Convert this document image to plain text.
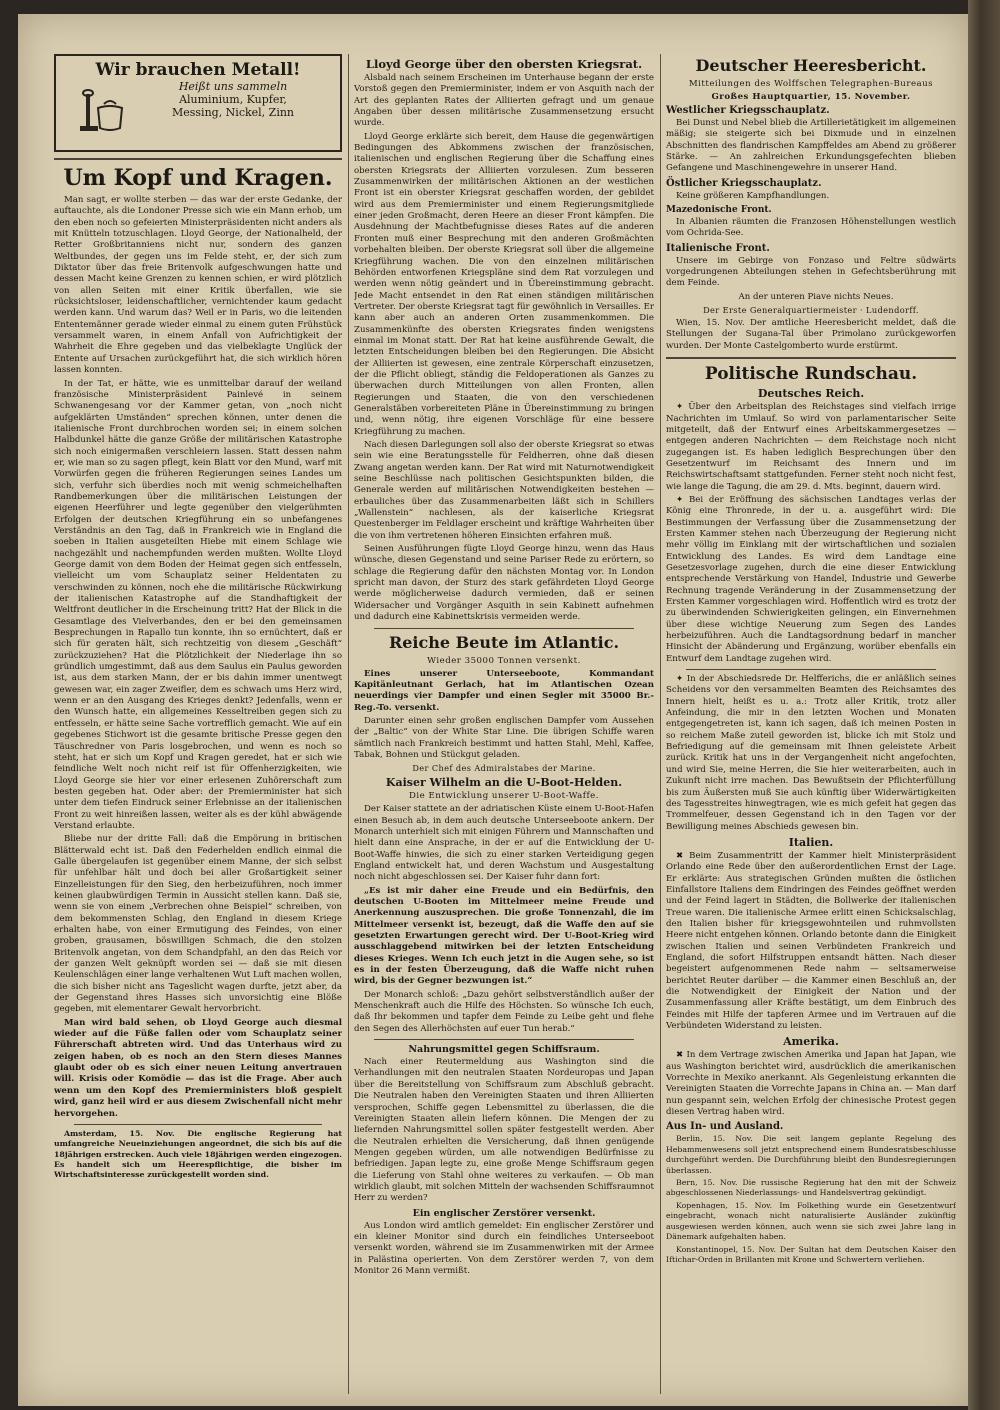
Wir brauchen Metall!
Heißt uns sammeln
Aluminium, Kupfer,
Messing, Nickel, Zinn
Um Kopf und Kragen.

Man sagt, er wollte sterben — das war der erste Gedanke, der auftauchte, als die Londoner Presse sich wie ein Mann erhob, um den eben noch so gefeierten Ministerpräsidenten nicht anders als mit Knütteln totzuschlagen. Lloyd George, der Nationalheld, der Retter Großbritanniens nicht nur, sondern des ganzen Weltbundes, der gegen uns im Felde steht, er, der sich zum Diktator über das freie Britenvolk aufgeschwungen hatte und dessen Macht keine Grenzen zu kennen schien, er wird plötzlich von allen Seiten mit einer Kritik überfallen, wie sie rücksichtsloser, leidenschaftlicher, vernichtender kaum gedacht werden kann. Und warum das? Weil er in Paris, wo die leitenden Ententemänner gerade wieder einmal zu einem guten Frühstück versammelt waren, in einem Anfall von Aufrichtigkeit der Wahrheit die Ehre gegeben und das vielbeklagte Unglück der Entente auf Ursachen zurückgeführt hat, die sich wirklich hören lassen konnten.

In der Tat, er hätte, wie es unmittelbar darauf der weiland französische Ministerpräsident Painlevé in seinem Schwanengesang vor der Kammer getan, von „noch nicht aufgeklärten Umständen“ sprechen können, unter denen die italienische Front durchbrochen worden sei; in einem solchen Halbdunkel hätte die ganze Größe der militärischen Katastrophe sich noch einigermaßen verschleiern lassen. Statt dessen nahm er, wie man so zu sagen pflegt, kein Blatt vor den Mund, warf mit Vorwürfen gegen die früheren Regierungen seines Landes um sich, verfuhr sich überdies noch mit wenig schmeichelhaften Randbemerkungen über die militärischen Leistungen der eigenen Heerführer und legte gegenüber den vielgerühmten Erfolgen der deutschen Kriegführung ein so unbefangenes Verständnis an den Tag, daß in Frankreich wie in England die soeben in Italien ausgeteilten Hiebe mit einem Schlage wie nachgezählt und nachempfunden werden mußten. Wollte Lloyd George damit von dem Boden der Heimat gegen sich entfesseln, vielleicht um vom Schauplatz seiner Heldentaten zu verschwinden zu können, noch ehe die militärische Rückwirkung der italienischen Katastrophe auf die Standhaftigkeit der Weltfront deutlicher in die Erscheinung tritt? Hat der Blick in die Gesamtlage des Vielverbandes, den er bei den gemeinsamen Besprechungen in Rapallo tun konnte, ihn so ernüchtert, daß er sich für geraten hält, sich rechtzeitig von diesem „Geschäft“ zurückzuziehen? Hat die Plötzlichkeit der Niederlage ihn so gründlich umgestimmt, daß aus dem Saulus ein Paulus geworden ist, aus dem starken Mann, der er bis dahin immer unentwegt gewesen war, ein zager Zweifler, dem es schwach ums Herz wird, wenn er an den Ausgang des Krieges denkt? Jedenfalls, wenn er den Wunsch hatte, ein allgemeines Kesseltreiben gegen sich zu entfesseln, er hätte seine Sache vortrefflich gemacht. Wie auf ein gegebenes Stichwort ist die gesamte britische Presse gegen den Täuschredner von Paris losgebrochen, und wenn es noch so steht, hat er sich um Kopf und Kragen geredet, hat er sich wie feindliche Welt noch nicht reif ist für Offenherzigkeiten, wie Lloyd George sie hier vor einer erlesenen Zuhörerschaft zum besten gegeben hat. Oder aber: der Premierminister hat sich unter dem tiefen Eindruck seiner Erlebnisse an der italienischen Front zu weit hinreißen lassen, weiter als es der kühl abwägende Verstand erlaubte.

Bliebe nur der dritte Fall: daß die Empörung in britischen Blätterwald echt ist. Daß den Federhelden endlich einmal die Galle übergelaufen ist gegenüber einem Manne, der sich selbst für unfehlbar hält und doch bei aller Großartigkeit seiner Einzelleistungen für den Sieg, den herbeizuführen, noch immer keinen glaubwürdigen Termin in Aussicht stellen kann. Daß sie, wenn sie von einem „Verbrechen ohne Beispiel“ schreiben, von dem bekommensten Schlag, den England in diesem Kriege erhalten habe, von einer Ermutigung des Feindes, von einer groben, grausamen, böswilligen Schmach, die den stolzen Britenvolk angetan, von dem Schandpfahl, an den das Reich vor der ganzen Welt geknüpft worden sei — daß sie mit diesen Keulenschlägen einer lange verhaltenen Wut Luft machen wollen, die sich bisher nicht ans Tageslicht wagen durfte, jetzt aber, da der Gegenstand ihres Hasses sich unvorsichtig eine Blöße gegeben, mit elementarer Gewalt hervorbricht.

Man wird bald sehen, ob Lloyd George auch diesmal wieder auf die Füße fallen oder vom Schauplatz seiner Führerschaft abtreten wird. Und das Unterhaus wird zu zeigen haben, ob es noch an den Stern dieses Mannes glaubt oder ob es sich einer neuen Leitung anvertrauen will. Krisis oder Komödie — das ist die Frage. Aber auch wenn um den Kopf des Premierministers bloß gespielt wird, ganz heil wird er aus diesem Zwischenfall nicht mehr hervorgehen.

Amsterdam, 15. Nov. Die englische Regierung hat umfangreiche Neueinziehungen angeordnet, die sich bis auf die 18jährigen erstrecken. Auch viele 18jährigen werden eingezogen. Es handelt sich um Heerespflichtige, die bisher im Wirtschaftsinteresse zurückgestellt worden sind.

Lloyd George über den obersten Kriegsrat.

Alsbald nach seinem Erscheinen im Unterhause begann der erste Vorstoß gegen den Premierminister, indem er von Asquith nach der Art des geplanten Rates der Alliierten gefragt und um genaue Angaben über dessen militärische Zusammensetzung ersucht wurde.

Lloyd George erklärte sich bereit, dem Hause die gegenwärtigen Bedingungen des Abkommens zwischen der französischen, italienischen und englischen Regierung über die Schaffung eines obersten Kriegsrats der Alliierten vorzulesen. Zum besseren Zusammenwirken der militärischen Aktionen an der westlichen Front ist ein oberster Kriegsrat geschaffen worden, der gebildet wird aus dem Premierminister und einem Regierungsmitgliede einer jeden Großmacht, deren Heere an dieser Front kämpfen. Die Ausdehnung der Machtbefugnisse dieses Rates auf die anderen Fronten muß einer Besprechung mit den anderen Großmächten vorbehalten bleiben. Der oberste Kriegsrat soll über die allgemeine Kriegführung wachen. Die von den einzelnen militärischen Behörden entworfenen Kriegspläne sind dem Rat vorzulegen und werden wenn nötig geändert und in Übereinstimmung gebracht. Jede Macht entsendet in den Rat einen ständigen militärischen Vertreter. Der oberste Kriegsrat tagt für gewöhnlich in Versailles. Er kann aber auch an anderen Orten zusammenkommen. Die Zusammenkünfte des obersten Kriegsrates finden wenigstens einmal im Monat statt. Der Rat hat keine ausführende Gewalt, die letzten Entscheidungen bleiben bei den Regierungen. Die Absicht der Alliierten ist gewesen, eine zentrale Körperschaft einzusetzen, der die Pflicht obliegt, ständig die Feldoperationen als Ganzes zu überwachen durch Mitteilungen von allen Fronten, allen Regierungen und Staaten, die von den verschiedenen Generalstäben vorbereiteten Pläne in Übereinstimmung zu bringen und, wenn nötig, ihre eigenen Vorschläge für eine bessere Kriegführung zu machen.

Nach diesen Darlegungen soll also der oberste Kriegsrat so etwas sein wie eine Beratungsstelle für Feldherren, ohne daß diesen Zwang angetan werden kann. Der Rat wird mit Naturnotwendigkeit seine Beschlüsse nach politischen Gesichtspunkten bilden, die Generale werden auf militärischen Notwendigkeiten bestehen — erbauliches über das Zusammenarbeiten läßt sich in Schillers „Wallenstein“ nachlesen, als der kaiserliche Kriegsrat Questenberger im Feldlager erscheint und kräftige Wahrheiten über die von ihm vertretenen höheren Einsichten erfahren muß.

Seinen Ausführungen fügte Lloyd George hinzu, wenn das Haus wünsche, diesen Gegenstand und seine Pariser Rede zu erörtern, so schlage die Regierung dafür den nächsten Montag vor. In London spricht man davon, der Sturz des stark gefährdeten Lloyd George werde möglicherweise dadurch vermieden, daß er seinen Widersacher und Vorgänger Asquith in sein Kabinett aufnehmen und dadurch eine Kabinettskrisis vermeiden werde.

Reiche Beute im Atlantic.
Wieder 35000 Tonnen versenkt.

Eines unserer Unterseeboote, Kommandant Kapitänleutnant Gerlach, hat im Atlantischen Ozean neuerdings vier Dampfer und einen Segler mit 35000 Br.-Reg.-To. versenkt.

Darunter einen sehr großen englischen Dampfer vom Aussehen der „Baltic“ von der White Star Line. Die übrigen Schiffe waren sämtlich nach Frankreich bestimmt und hatten Stahl, Mehl, Kaffee, Tabak, Bohnen und Stückgut geladen.

Der Chef des Admiralstabes der Marine.
Kaiser Wilhelm an die U-Boot-Helden.
Die Entwicklung unserer U-Boot-Waffe.

Der Kaiser stattete an der adriatischen Küste einem U-Boot-Hafen einen Besuch ab, in dem auch deutsche Unterseeboote ankern. Der Monarch unterhielt sich mit einigen Führern und Mannschaften und hielt dann eine Ansprache, in der er auf die Entwicklung der U-Boot-Waffe hinwies, die sich zu einer starken Verteidigung gegen England entwickelt hat, und deren Wachstum und Ausgestaltung noch nicht abgeschlossen sei. Der Kaiser fuhr dann fort:

„Es ist mir daher eine Freude und ein Bedürfnis, den deutschen U-Booten im Mittelmeer meine Freude und Anerkennung auszusprechen. Die große Tonnenzahl, die im Mittelmeer versenkt ist, bezeugt, daß die Waffe den auf sie gesetzten Erwartungen gerecht wird. Der U-Boot-Krieg wird ausschlaggebend mitwirken bei der letzten Entscheidung dieses Krieges. Wenn Ich euch jetzt in die Augen sehe, so ist es in der festen Überzeugung, daß die Waffe nicht ruhen wird, bis der Gegner bezwungen ist.“

Der Monarch schloß: „Dazu gehört selbstverständlich außer der Menschenkraft auch die Hilfe des Höchsten. So wünsche Ich euch, daß Ihr bekommen und tapfer dem Feinde zu Leibe geht und flehe den Segen des Allerhöchsten auf euer Tun herab.“

Nahrungsmittel gegen Schiffsraum.

Nach einer Reutermeldung aus Washington sind die Verhandlungen mit den neutralen Staaten Nordeuropas und Japan über die Bereitstellung von Schiffsraum zum Abschluß gebracht. Die Neutralen haben den Vereinigten Staaten und ihren Alliierten versprochen, Schiffe gegen Lebensmittel zu überlassen, die die Vereinigten Staaten allein liefern können. Die Mengen der zu liefernden Nahrungsmittel sollen später festgestellt werden. Aber die Neutralen erhielten die Versicherung, daß ihnen genügende Mengen gegeben würden, um alle notwendigen Bedürfnisse zu befriedigen. Japan legte zu, eine große Menge Schiffsraum gegen die Lieferung von Stahl ohne weiteres zu verkaufen. — Ob man wirklich glaubt, mit solchen Mitteln der wachsenden Schiffsraumnot Herr zu werden?

Ein englischer Zerstörer versenkt.

Aus London wird amtlich gemeldet: Ein englischer Zerstörer und ein kleiner Monitor sind durch ein feindliches Unterseeboot versenkt worden, während sie im Zusammenwirken mit der Armee in Palästina operierten. Von dem Zerstörer werden 7, von dem Monitor 26 Mann vermißt.

Deutscher Heeresbericht.
Mitteilungen des Wolffschen Telegraphen-Bureaus
Großes Hauptquartier, 15. November.
Westlicher Kriegsschauplatz.

Bei Dunst und Nebel blieb die Artillerietätigkeit im allgemeinen mäßig; sie steigerte sich bei Dixmude und in einzelnen Abschnitten des flandrischen Kampffeldes am Abend zu größerer Stärke. — An zahlreichen Erkundungsgefechten blieben Gefangene und Maschinengewehre in unserer Hand.

Östlicher Kriegsschauplatz.

Keine größeren Kampfhandlungen.

Mazedonische Front.

In Albanien räumten die Franzosen Höhenstellungen westlich vom Ochrida-See.

Italienische Front.

Unsere im Gebirge von Fonzaso und Feltre südwärts vorgedrungenen Abteilungen stehen in Gefechtsberührung mit dem Feinde.

An der unteren Piave nichts Neues.

Der Erste Generalquartiermeister · Ludendorff.

Wien, 15. Nov. Der amtliche Heeresbericht meldet, daß die Stellungen der Sugana-Tal über Primolano zurückgeworfen wurden. Der Monte Castelgomberto wurde erstürmt.

Politische Rundschau.
Deutsches Reich.

✦ Über den Arbeitsplan des Reichstages sind vielfach irrige Nachrichten im Umlauf. So wird von parlamentarischer Seite mitgeteilt, daß der Entwurf eines Arbeitskammergesetzes — entgegen anderen Nachrichten — dem Reichstage noch nicht zugegangen ist. Es haben lediglich Besprechungen über den Gesetzentwurf im Reichsamt des Innern und im Reichswirtschaftsamt stattgefunden. Ferner steht noch nicht fest, wie lange die Tagung, die am 29. d. Mts. beginnt, dauern wird.

✦ Bei der Eröffnung des sächsischen Landtages verlas der König eine Thronrede, in der u. a. ausgeführt wird: Die Bestimmungen der Verfassung über die Zusammensetzung der Ersten Kammer stehen nach Überzeugung der Regierung nicht mehr völlig im Einklang mit der wirtschaftlichen und sozialen Entwicklung des Landes. Es wird dem Landtage eine Gesetzesvorlage zugehen, durch die eine dieser Entwicklung entsprechende Verstärkung von Handel, Industrie und Gewerbe Rechnung tragende Veränderung in der Zusammensetzung der Ersten Kammer vorgeschlagen wird. Hoffentlich wird es trotz der zu überwindenden Schwierigkeiten gelingen, ein Einvernehmen über diese wichtige Neuerung zum Segen des Landes herbeizuführen. Auch die Landtagsordnung bedarf in mancher Hinsicht der Abänderung und Ergänzung, worüber ebenfalls ein Entwurf dem Landtage zugehen wird.

✦ In der Abschiedsrede Dr. Helfferichs, die er anläßlich seines Scheidens vor den versammelten Beamten des Reichsamtes des Innern hielt, heißt es u. a.: Trotz aller Kritik, trotz aller Anfeindung, die mir in den letzten Wochen und Monaten entgegengetreten ist, kann ich sagen, daß ich meinen Posten in so reichem Maße zuteil geworden ist, blicke ich mit Stolz und Befriedigung auf die gemeinsam mit Ihnen geleistete Arbeit zurück. Kritik hat uns in der Vergangenheit nicht angefochten, und wird Sie, meine Herren, die Sie hier weiterarbeiten, auch in Zukunft nicht irre machen. Das Bewußtsein der Pflichterfüllung bis zum Äußersten muß Sie auch künftig über Widerwärtigkeiten des Tagesstreites hinwegtragen, wie es mich gefeit hat gegen das Trommelfeuer, dessen Gegenstand ich in den Tagen vor der Bewilligung meines Abschieds gewesen bin.

Italien.

✖ Beim Zusammentritt der Kammer hielt Ministerpräsident Orlando eine Rede über den außerordentlichen Ernst der Lage. Er erklärte: Aus strategischen Gründen mußten die östlichen Einfallstore Italiens dem Eindringen des Feindes geöffnet werden und der Feind lagert in Städten, die Bollwerke der italienischen Treue waren. Die italienische Armee erlitt einen Schicksalschlag, den Italien bisher für kriegsgewohnteilen und ruhmvollsten Heere nicht entgehen können. Orlando betonte dann die Einigkeit zwischen Italien und seinen Verbündeten Frankreich und England, die sofort Hilfstruppen entsandt hätten. Nach dieser begeistert aufgenommenen Rede nahm — seltsamerweise berichtet Reuter darüber — die Kammer einen Beschluß an, der die Notwendigkeit der Einigkeit der Nation und der Zusammenfassung aller Kräfte bestätigt, um dem Einbruch des Feindes mit Hilfe der tapferen Armee und im Vertrauen auf die Verbündeten Widerstand zu leisten.

Amerika.

✖ In dem Vertrage zwischen Amerika und Japan hat Japan, wie aus Washington berichtet wird, ausdrücklich die amerikanischen Vorrechte in Mexiko anerkannt. Als Gegenleistung erkannten die Vereinigten Staaten die Vorrechte Japans in China an. — Man darf nun gespannt sein, welchen Erfolg der chinesische Protest gegen diesen Vertrag haben wird.

Aus In- und Ausland.

Berlin, 15. Nov. Die seit langem geplante Regelung des Hebammenwesens soll jetzt entsprechend einem Bundesratsbeschlusse durchgeführt werden. Die Durchführung bleibt den Bundesregierungen überlassen.

Bern, 15. Nov. Die russische Regierung hat den mit der Schweiz abgeschlossenen Niederlassungs- und Handelsvertrag gekündigt.

Kopenhagen, 15. Nov. Im Folkething wurde ein Gesetzentwurf eingebracht, wonach nicht naturalisierte Ausländer zukünftig ausgewiesen werden können, auch wenn sie sich zwei Jahre lang in Dänemark aufgehalten haben.

Konstantinopel, 15. Nov. Der Sultan hat dem Deutschen Kaiser den Iftichar-Orden in Brillanten mit Krone und Schwertern verliehen.
